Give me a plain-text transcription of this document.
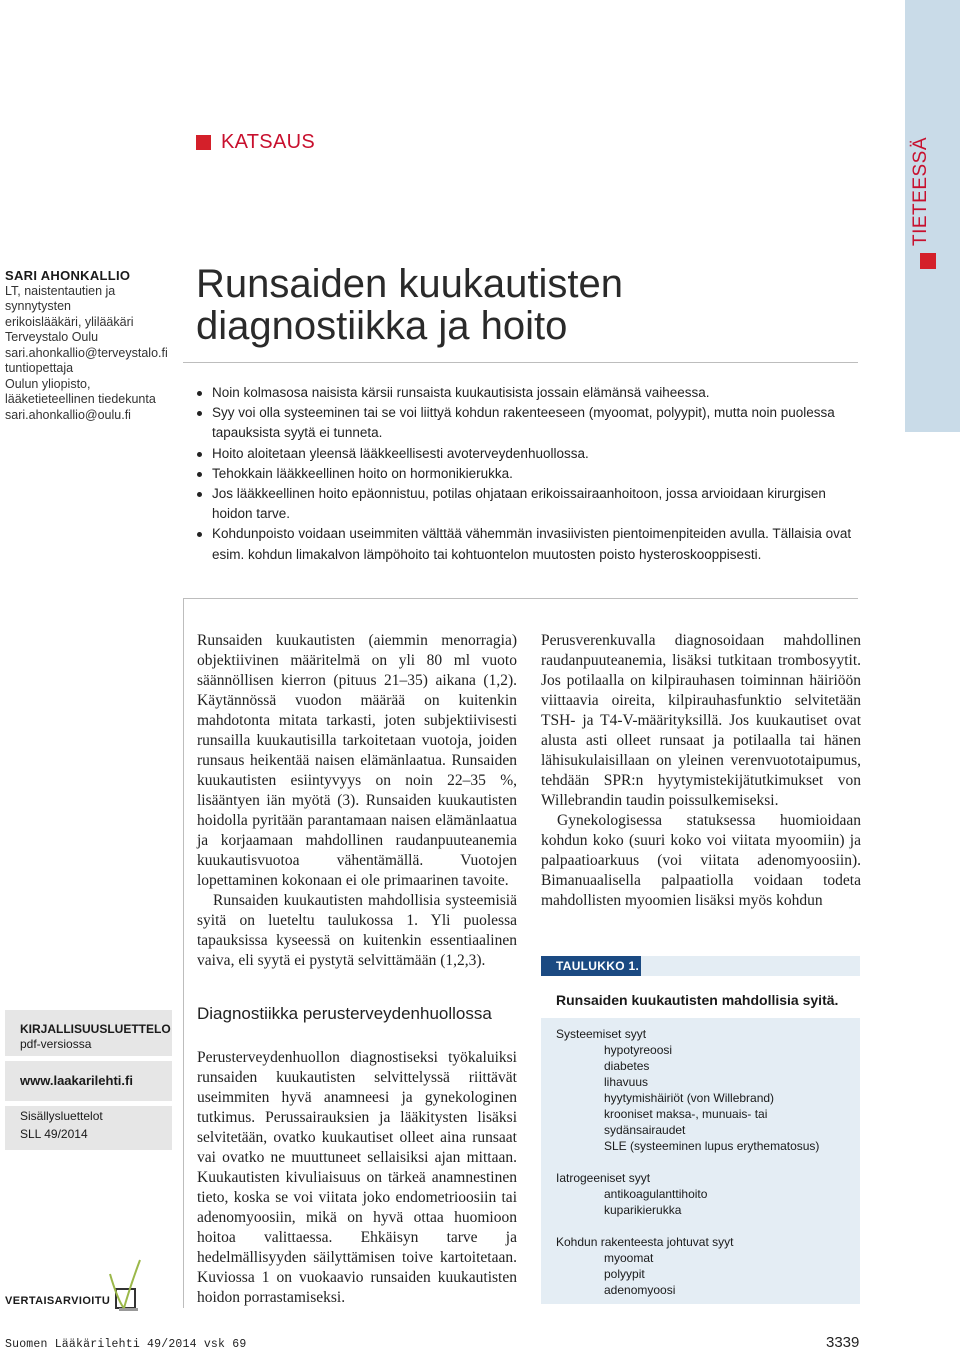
TIETEESSÄ
KATSAUS
SARI AHONKALLIO
LT, naistentautien ja synnytysten
erikoislääkäri, ylilääkäri
Terveystalo Oulu
sari.ahonkallio@terveystalo.fi
tuntiopettaja
Oulun yliopisto,
lääketieteellinen tiedekunta
sari.ahonkallio@oulu.fi
Runsaiden kuukautisten
diagnostiikka ja hoito
Noin kolmasosa naisista kärsii runsaista kuukautisista jossain elämänsä vaiheessa.
Syy voi olla systeeminen tai se voi liittyä kohdun rakenteeseen (myoomat, polyypit), mutta noin puolessa tapauksista syytä ei tunneta.
Hoito aloitetaan yleensä lääkkeellisesti avoterveydenhuollossa.
Tehokkain lääkkeellinen hoito on hormonikierukka.
Jos lääkkeellinen hoito epäonnistuu, potilas ohjataan erikoissairaanhoitoon, jossa arvioidaan kirurgisen hoidon tarve.
Kohdunpoisto voidaan useimmiten välttää vähemmän invasiivisten pientoimenpiteiden avulla. Tällaisia ovat esim. kohdun limakalvon lämpöhoito tai kohtuontelon muutosten poisto hysteroskooppisesti.

Runsaiden kuukautisten (aiemmin menorragia) objektiivinen määritelmä on yli 80 ml vuoto säännöllisen kierron (pituus 21–35) aikana (1,2). Käytännössä vuodon määrää on kuitenkin mahdotonta mitata tarkasti, joten subjektiivisesti runsailla kuukautisilla tarkoitetaan vuotoja, joiden runsaus heikentää naisen elämänlaatua. Runsaiden kuukautisten esiintyvyys on noin 22–35 %, lisääntyen iän myötä (3). Runsaiden kuukautisten hoidolla pyritään parantamaan naisen elämänlaatua ja korjaamaan mahdollinen raudanpuuteanemia kuukautisvuotoa vähentämällä. Vuotojen lopettaminen kokonaan ei ole primaarinen tavoite.

Runsaiden kuukautisten mahdollisia systeemisiä syitä on lueteltu taulukossa 1. Yli puolessa tapauksissa kyseessä on kuitenkin essentiaalinen vaiva, eli syytä ei pystytä selvittämään (1,2,3).

Diagnostiikka perusterveydenhuollossa

Perusterveydenhuollon diagnostiseksi työkaluiksi runsaiden kuukautisten selvittelyssä riittävät useimmiten hyvä anamneesi ja gynekologinen tutkimus. Perussairauksien ja lääkitysten lisäksi selvitetään, ovatko kuukautiset olleet aina runsaat vai ovatko ne muuttuneet sellaisiksi ajan mittaan. Kuukautisten kivuliaisuus on tärkeä anamnestinen tieto, koska se voi viitata joko endometrioosiin tai adenomyoosiin, mikä on hyvä ottaa huomioon hoitoa valittaessa. Ehkäisyn tarve ja hedelmällisyyden säilyttämisen toive kartoitetaan. Kuviossa 1 on vuokaavio runsaiden kuukautisten hoidon porrastamiseksi.

Perusverenkuvalla diagnosoidaan mahdollinen raudanpuuteanemia, lisäksi tutkitaan trombosyytit. Jos potilaalla on kilpirauhasen toiminnan häiriöön viittaavia oireita, kilpirauhasfunktio selvitetään TSH- ja T4-V-määrityksillä. Jos kuukautiset ovat alusta asti olleet runsaat ja potilaalla tai hänen lähisukulaisillaan on yleinen verenvuototaipumus, tehdään SPR:n hyytymistekijätutkimukset von Willebrandin taudin poissulkemiseksi.

Gynekologisessa statuksessa huomioidaan kohdun koko (suuri koko voi viitata myoomiin) ja palpaatioarkuus (voi viitata adenomyoosiin). Bimanuaalisella palpaatiolla voidaan todeta mahdollisten myoomien lisäksi myös kohdun

TAULUKKO 1.
Runsaiden kuukautisten mahdollisia syitä.
Systeemiset syyt
hypotyreoosi
diabetes
lihavuus
hyytymishäiriöt (von Willebrand)
krooniset maksa-, munuais- tai sydänsairaudet
SLE (systeeminen lupus erythematosus)
Iatrogeeniset syyt
antikoagulanttihoito
kuparikierukka
Kohdun rakenteesta johtuvat syyt
myoomat
polyypit
adenomyoosi
KIRJALLISUUSLUETTELO
pdf-versiossa
www.laakarilehti.fi
Sisällysluettelot
SLL 49/2014
VERTAISARVIOITU
Suomen Lääkärilehti 49/2014 vsk 69	3339
